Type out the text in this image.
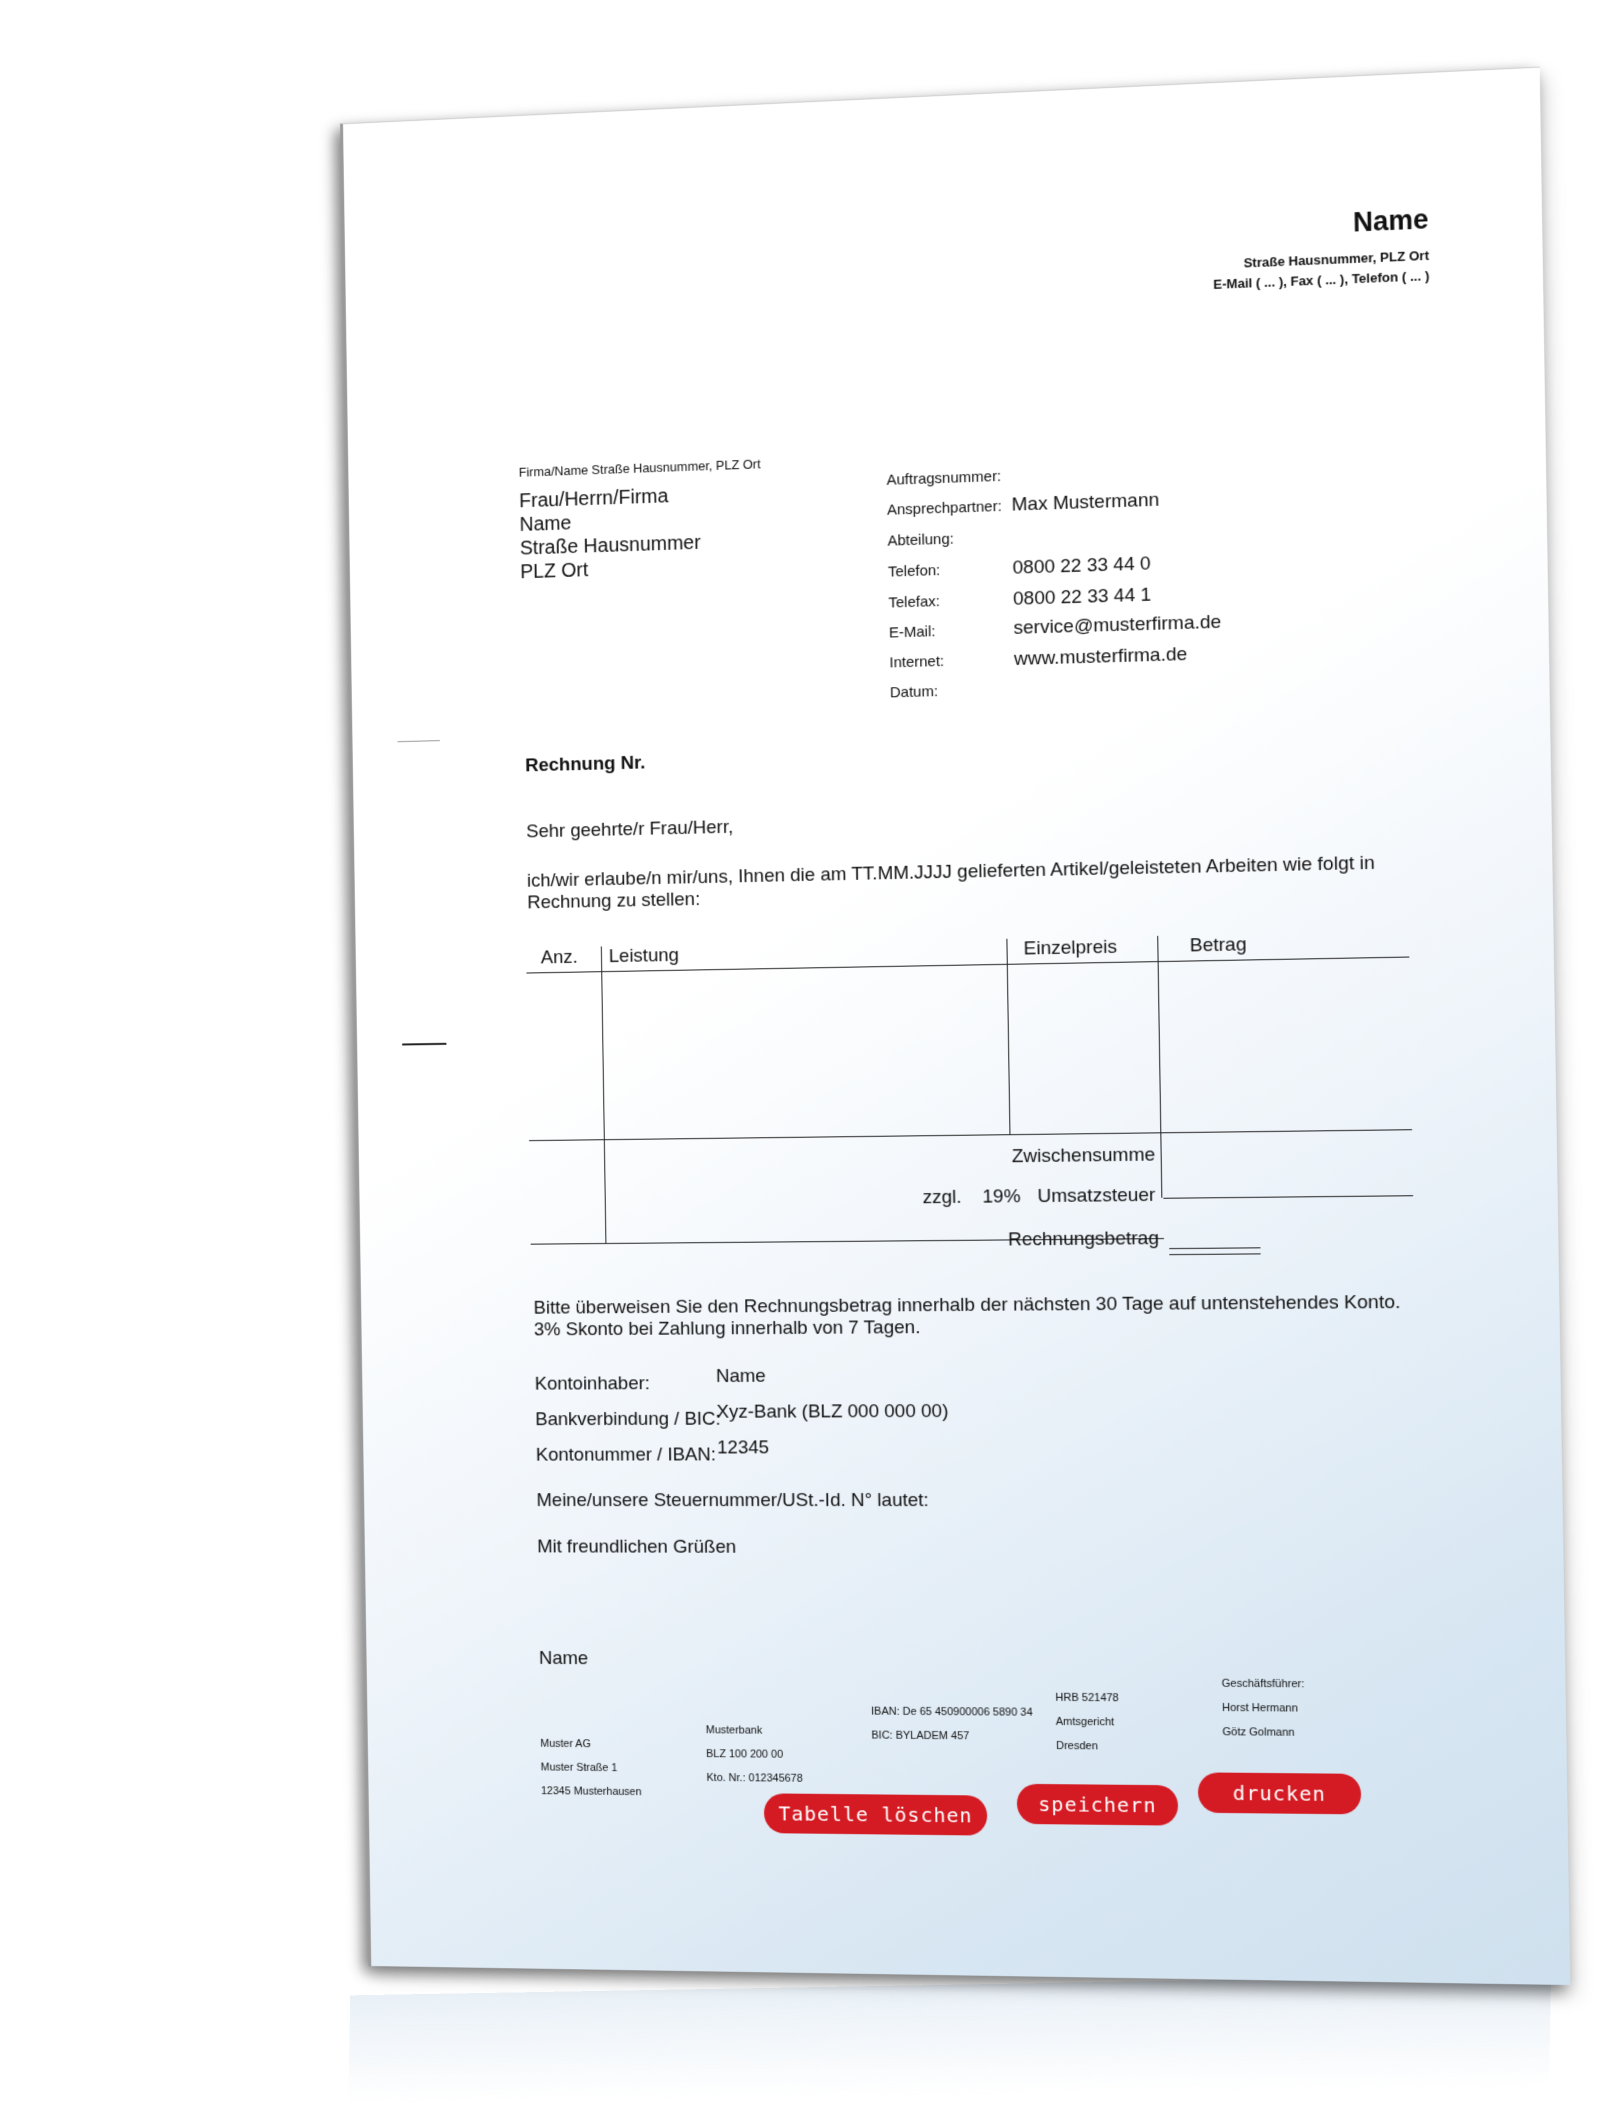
Name
Straße Hausnummer, PLZ Ort
E-Mail ( ... ), Fax ( ... ), Telefon ( ... )
Firma/Name Straße Hausnummer, PLZ Ort
Frau/Herrn/Firma
Name
Straße Hausnummer
PLZ Ort
Auftragsnummer:
Ansprechpartner: Max Mustermann
Abteilung:
Telefon:	0800 22 33 44 0
Telefax:	0800 22 33 44 1
E-Mail:	service@musterfirma.de
Internet:	www.musterfirma.de
Datum:
Rechnung Nr.
Sehr geehrte/r Frau/Herr,
ich/wir erlaube/n mir/uns, Ihnen die am TT.MM.JJJJ gelieferten Artikel/geleisteten Arbeiten wie folgt in
Rechnung zu stellen:
Anz. Leistung	Einzelpreis	Betrag
Zwischensumme
zzgl. 19% Umsatzsteuer
Rechnungsbetrag
Bitte überweisen Sie den Rechnungsbetrag innerhalb der nächsten 30 Tage auf untenstehendes Konto.
3% Skonto bei Zahlung innerhalb von 7 Tagen.
Kontoinhaber:	Name
Bankverbindung / BIC:
Xyz-Bank (BLZ 000 000 00)
Kontonummer / IBAN: 12345
Meine/unsere Steuernummer/USt.-Id. N° lautet:
Mit freundlichen Grüßen
Name
Muster AG
Muster Straße 1
12345 Musterhausen
Musterbank
BLZ 100 200 00
Kto. Nr.: 012345678
IBAN: De 65 450900006 5890 34
BIC: BYLADEM 457
HRB 521478
Amtsgericht
Dresden
Geschäftsführer:
Horst Hermann
Götz Golmann
Tabelle löschen	speichern	drucken
